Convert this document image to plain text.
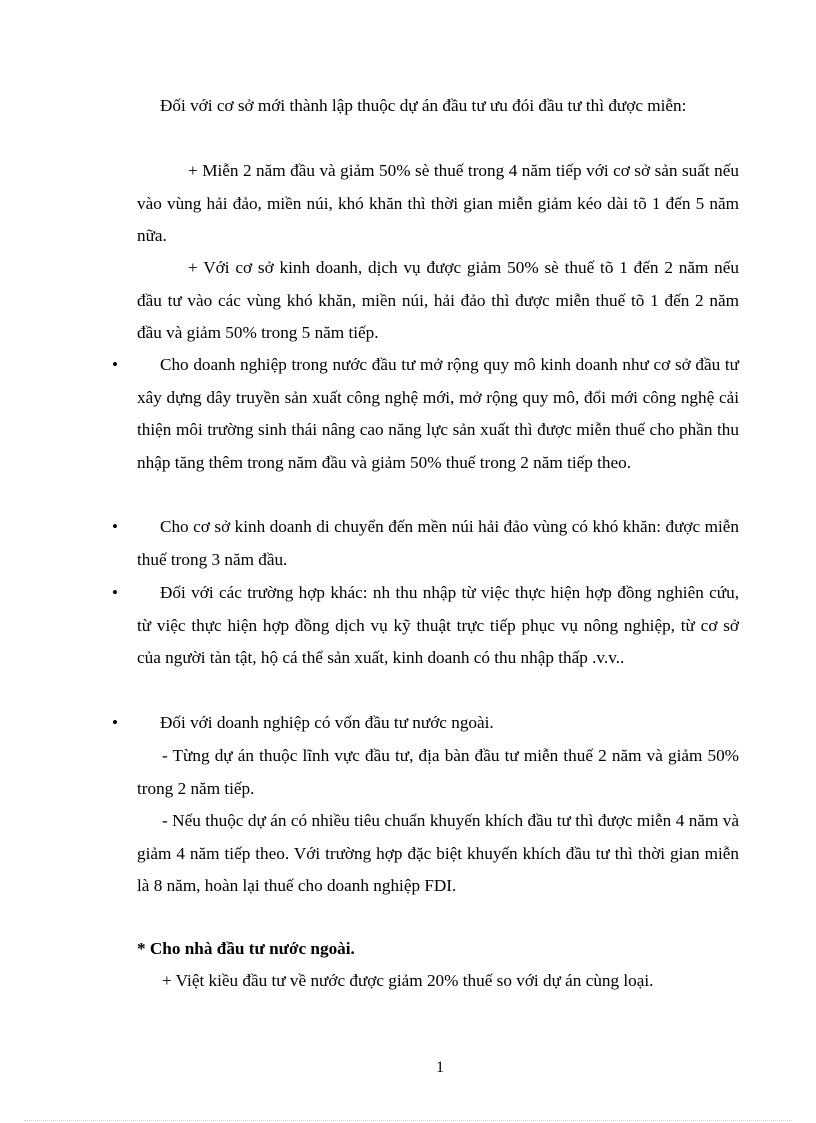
Đối với cơ sở mới thành lập thuộc dự án đầu tư ưu đói đầu tư thì được miễn:

+ Miễn 2 năm đầu và giảm 50% sè thuế trong 4 năm tiếp với cơ sở sản suất nếu vào vùng hải đảo, miền núi, khó khăn thì thời gian miễn giảm kéo dài tõ 1 đến 5 năm nữa.

+ Với cơ sở kinh doanh, dịch vụ được giảm 50% sè thuế tõ 1 đến 2 năm nếu đầu tư vào các vùng khó khăn, miền núi, hải đảo thì được miễn thuế tõ 1 đến 2 năm đầu và giảm 50% trong 5 năm tiếp.

•	Cho doanh nghiệp trong nước đầu tư mở rộng quy mô kinh doanh như cơ sở đầu tư xây dựng dây truyền sản xuất công nghệ mới, mở rộng quy mô, đổi mới công nghệ cải thiện môi trường sinh thái nâng cao năng lực sản xuất thì được miễn thuế cho phần thu nhập tăng thêm trong năm đầu và giảm 50% thuế trong 2 năm tiếp theo.

•	Cho cơ sở kinh doanh di chuyển đến mền núi hải đảo vùng có khó khăn: được miễn thuế trong 3 năm đầu.

•	Đối với các trường hợp khác: nh thu nhập từ việc thực hiện hợp đồng nghiên cứu, từ việc thực hiện hợp đồng dịch vụ kỹ thuật trực tiếp phục vụ nông nghiệp, từ cơ sở của người tàn tật, hộ cá thể sản xuất, kinh doanh có thu nhập thấp .v.v..

•	Đối với doanh nghiệp có vốn đầu tư nước ngoài.

- Từng dự án thuộc lĩnh vực đầu tư, địa bàn đầu tư miễn thuế 2 năm và giảm 50% trong 2 năm tiếp.

- Nếu thuộc dự án có nhiều tiêu chuẩn khuyến khích đầu tư thì được miễn 4 năm và giảm 4 năm tiếp theo. Với trường hợp đặc biệt khuyến khích đầu tư thì thời gian miễn là 8 năm, hoàn lại thuế cho doanh nghiệp FDI.

* Cho nhà đầu tư nước ngoài.

+ Việt kiều đầu tư về nước được giảm 20% thuế so với dự án cùng loại.

1
